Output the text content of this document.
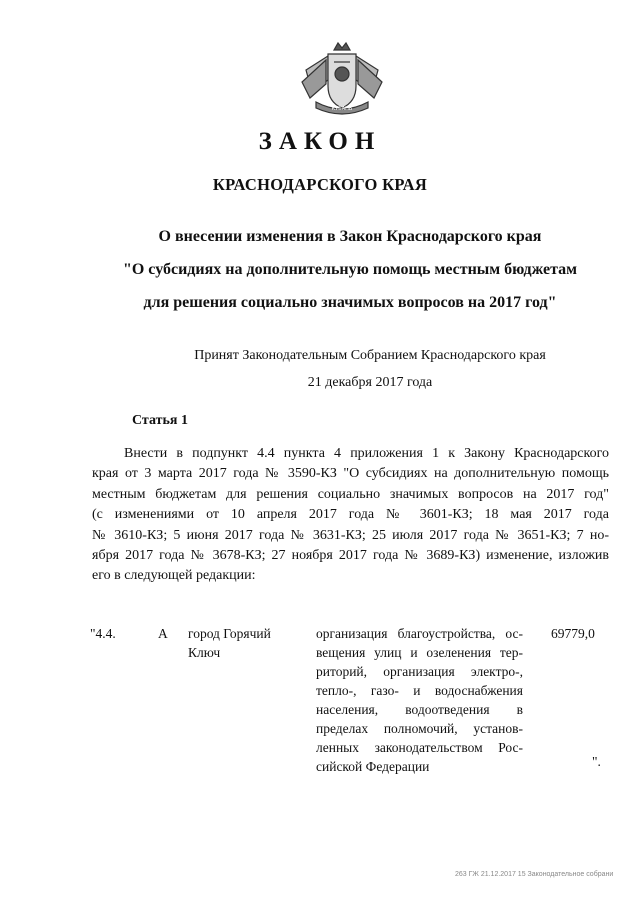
КУБАНЬ
ЗАКОН
КРАСНОДАРСКОГО КРАЯ
О внесении изменения в Закон Краснодарского края
"О субсидиях на дополнительную помощь местным бюджетам
для решения социально значимых вопросов на 2017 год"
Принят Законодательным Собранием Краснодарского края
21 декабря 2017 года
Статья 1
Внести в подпункт 4.4 пункта 4 приложения 1 к Закону Краснодарского
края от 3 марта 2017 года № 3590-КЗ "О субсидиях на дополнительную помощь
местным бюджетам для решения социально значимых вопросов на 2017 год"
(с изменениями от 10 апреля 2017 года № 3601-КЗ; 18 мая 2017 года
№ 3610-КЗ; 5 июня 2017 года № 3631-КЗ; 25 июля 2017 года № 3651-КЗ; 7 но-
ября 2017 года № 3678-КЗ; 27 ноября 2017 года № 3689-КЗ) изменение, изложив
его в следующей редакции:
"4.4.	А город Горячий
Ключ
организация благоустройства, ос-
вещения улиц и озеленения тер-
риторий, организация электро-,
тепло-, газо- и водоснабжения
населения, водоотведения в
пределах полномочий, установ-
ленных законодательством Рос-
сийской Федерации
69779,0
".
263 ГЖ 21.12.2017 15 Законодательное собрани
